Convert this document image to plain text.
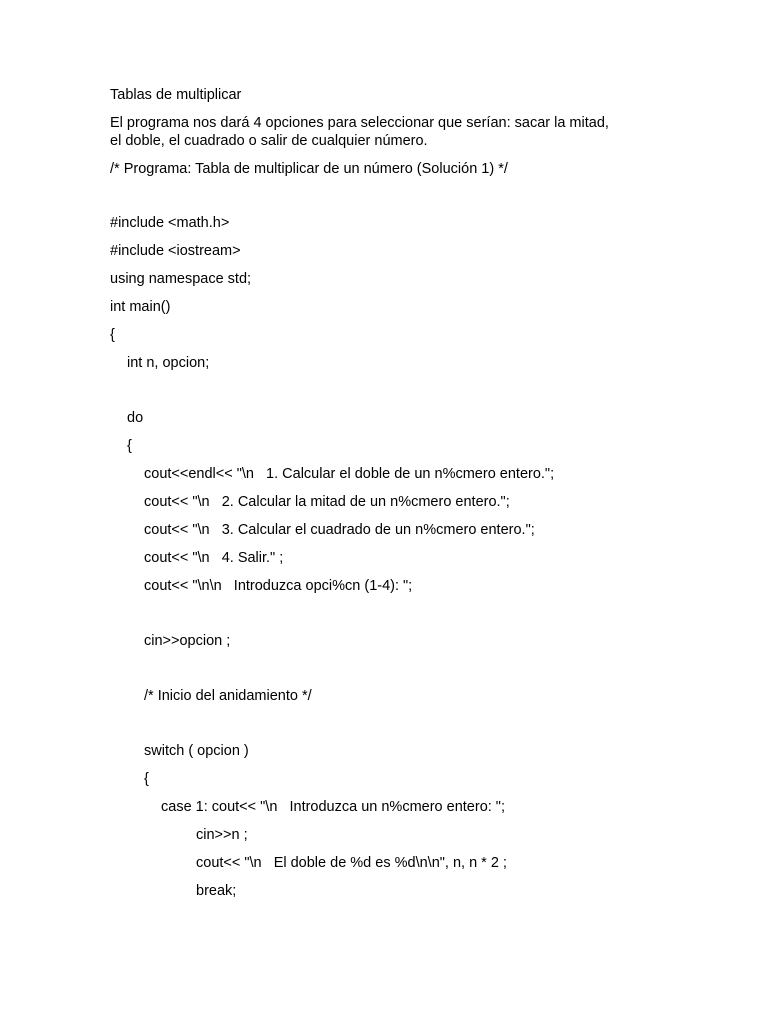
Tablas de multiplicar
El programa nos dará 4 opciones para seleccionar que serían: sacar la mitad,
el doble, el cuadrado o salir de cualquier número.
/* Programa: Tabla de multiplicar de un número (Solución 1) */
#include <math.h>
#include <iostream>
using namespace std;
int main()
{
int n, opcion;
do
{
cout<<endl<< "\n   1. Calcular el doble de un n%cmero entero.";
cout<< "\n   2. Calcular la mitad de un n%cmero entero.";
cout<< "\n   3. Calcular el cuadrado de un n%cmero entero.";
cout<< "\n   4. Salir." ;
cout<< "\n\n   Introduzca opci%cn (1-4): ";
cin>>opcion ;
/* Inicio del anidamiento */
switch ( opcion )
{
case 1: cout<< "\n   Introduzca un n%cmero entero: ";
cin>>n ;
cout<< "\n   El doble de %d es %d\n\n", n, n * 2 ;
break;
